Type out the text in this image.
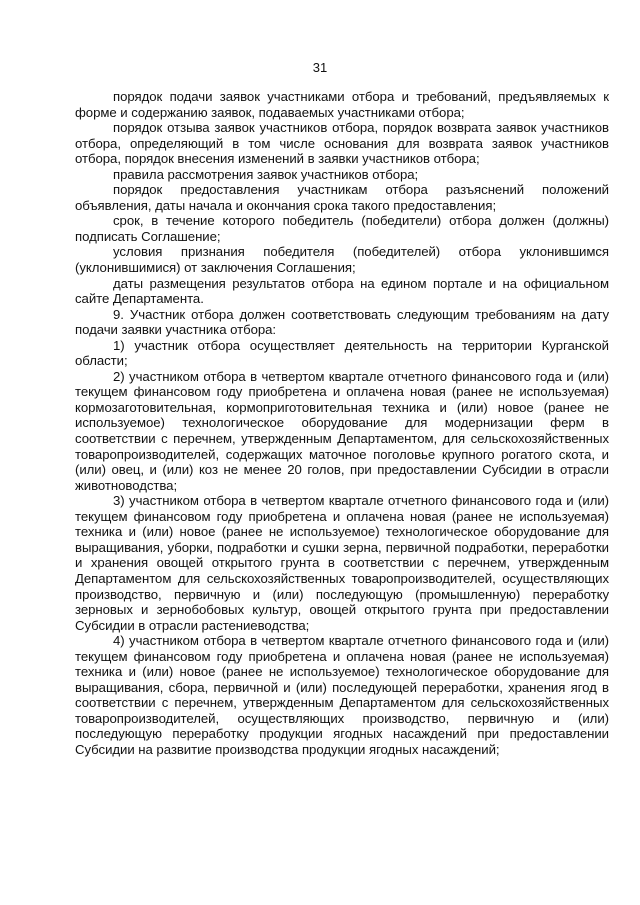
31

порядок подачи заявок участниками отбора и требований, предъявляемых к форме и содержанию заявок, подаваемых участниками отбора;

порядок отзыва заявок участников отбора, порядок возврата заявок участников отбора, определяющий в том числе основания для возврата заявок участников отбора, порядок внесения изменений в заявки участников отбора;

правила рассмотрения заявок участников отбора;

порядок предоставления участникам отбора разъяснений положений объявления, даты начала и окончания срока такого предоставления;

срок, в течение которого победитель (победители) отбора должен (должны) подписать Соглашение;

условия признания победителя (победителей) отбора уклонившимся (уклонившимися) от заключения Соглашения;

даты размещения результатов отбора на едином портале и на официальном сайте Департамента.

9. Участник отбора должен соответствовать следующим требованиям на дату подачи заявки участника отбора:

1) участник отбора осуществляет деятельность на территории Курганской области;

2) участником отбора в четвертом квартале отчетного финансового года и (или) текущем финансовом году приобретена и оплачена новая (ранее не используемая) кормозаготовительная, кормоприготовительная техника и (или) новое (ранее не используемое) технологическое оборудование для модернизации ферм в соответствии с перечнем, утвержденным Департаментом, для сельскохозяйственных товаропроизводителей, содержащих маточное поголовье крупного рогатого скота, и (или) овец, и (или) коз не менее 20 голов, при предоставлении Субсидии в отрасли животноводства;

3) участником отбора в четвертом квартале отчетного финансового года и (или) текущем финансовом году приобретена и оплачена новая (ранее не используемая) техника и (или) новое (ранее не используемое) технологическое оборудование для выращивания, уборки, подработки и сушки зерна, первичной подработки, переработки и хранения овощей открытого грунта в соответствии с перечнем, утвержденным Департаментом для сельскохозяйственных товаропроизводителей, осуществляющих производство, первичную и (или) последующую (промышленную) переработку зерновых и зернобобовых культур, овощей открытого грунта при предоставлении Субсидии в отрасли растениеводства;

4) участником отбора в четвертом квартале отчетного финансового года и (или) текущем финансовом году приобретена и оплачена новая (ранее не используемая) техника и (или) новое (ранее не используемое) технологическое оборудование для выращивания, сбора, первичной и (или) последующей переработки, хранения ягод в соответствии с перечнем, утвержденным Департаментом для сельскохозяйственных товаропроизводителей, осуществляющих производство, первичную и (или) последующую переработку продукции ягодных насаждений при предоставлении Субсидии на развитие производства продукции ягодных насаждений;
